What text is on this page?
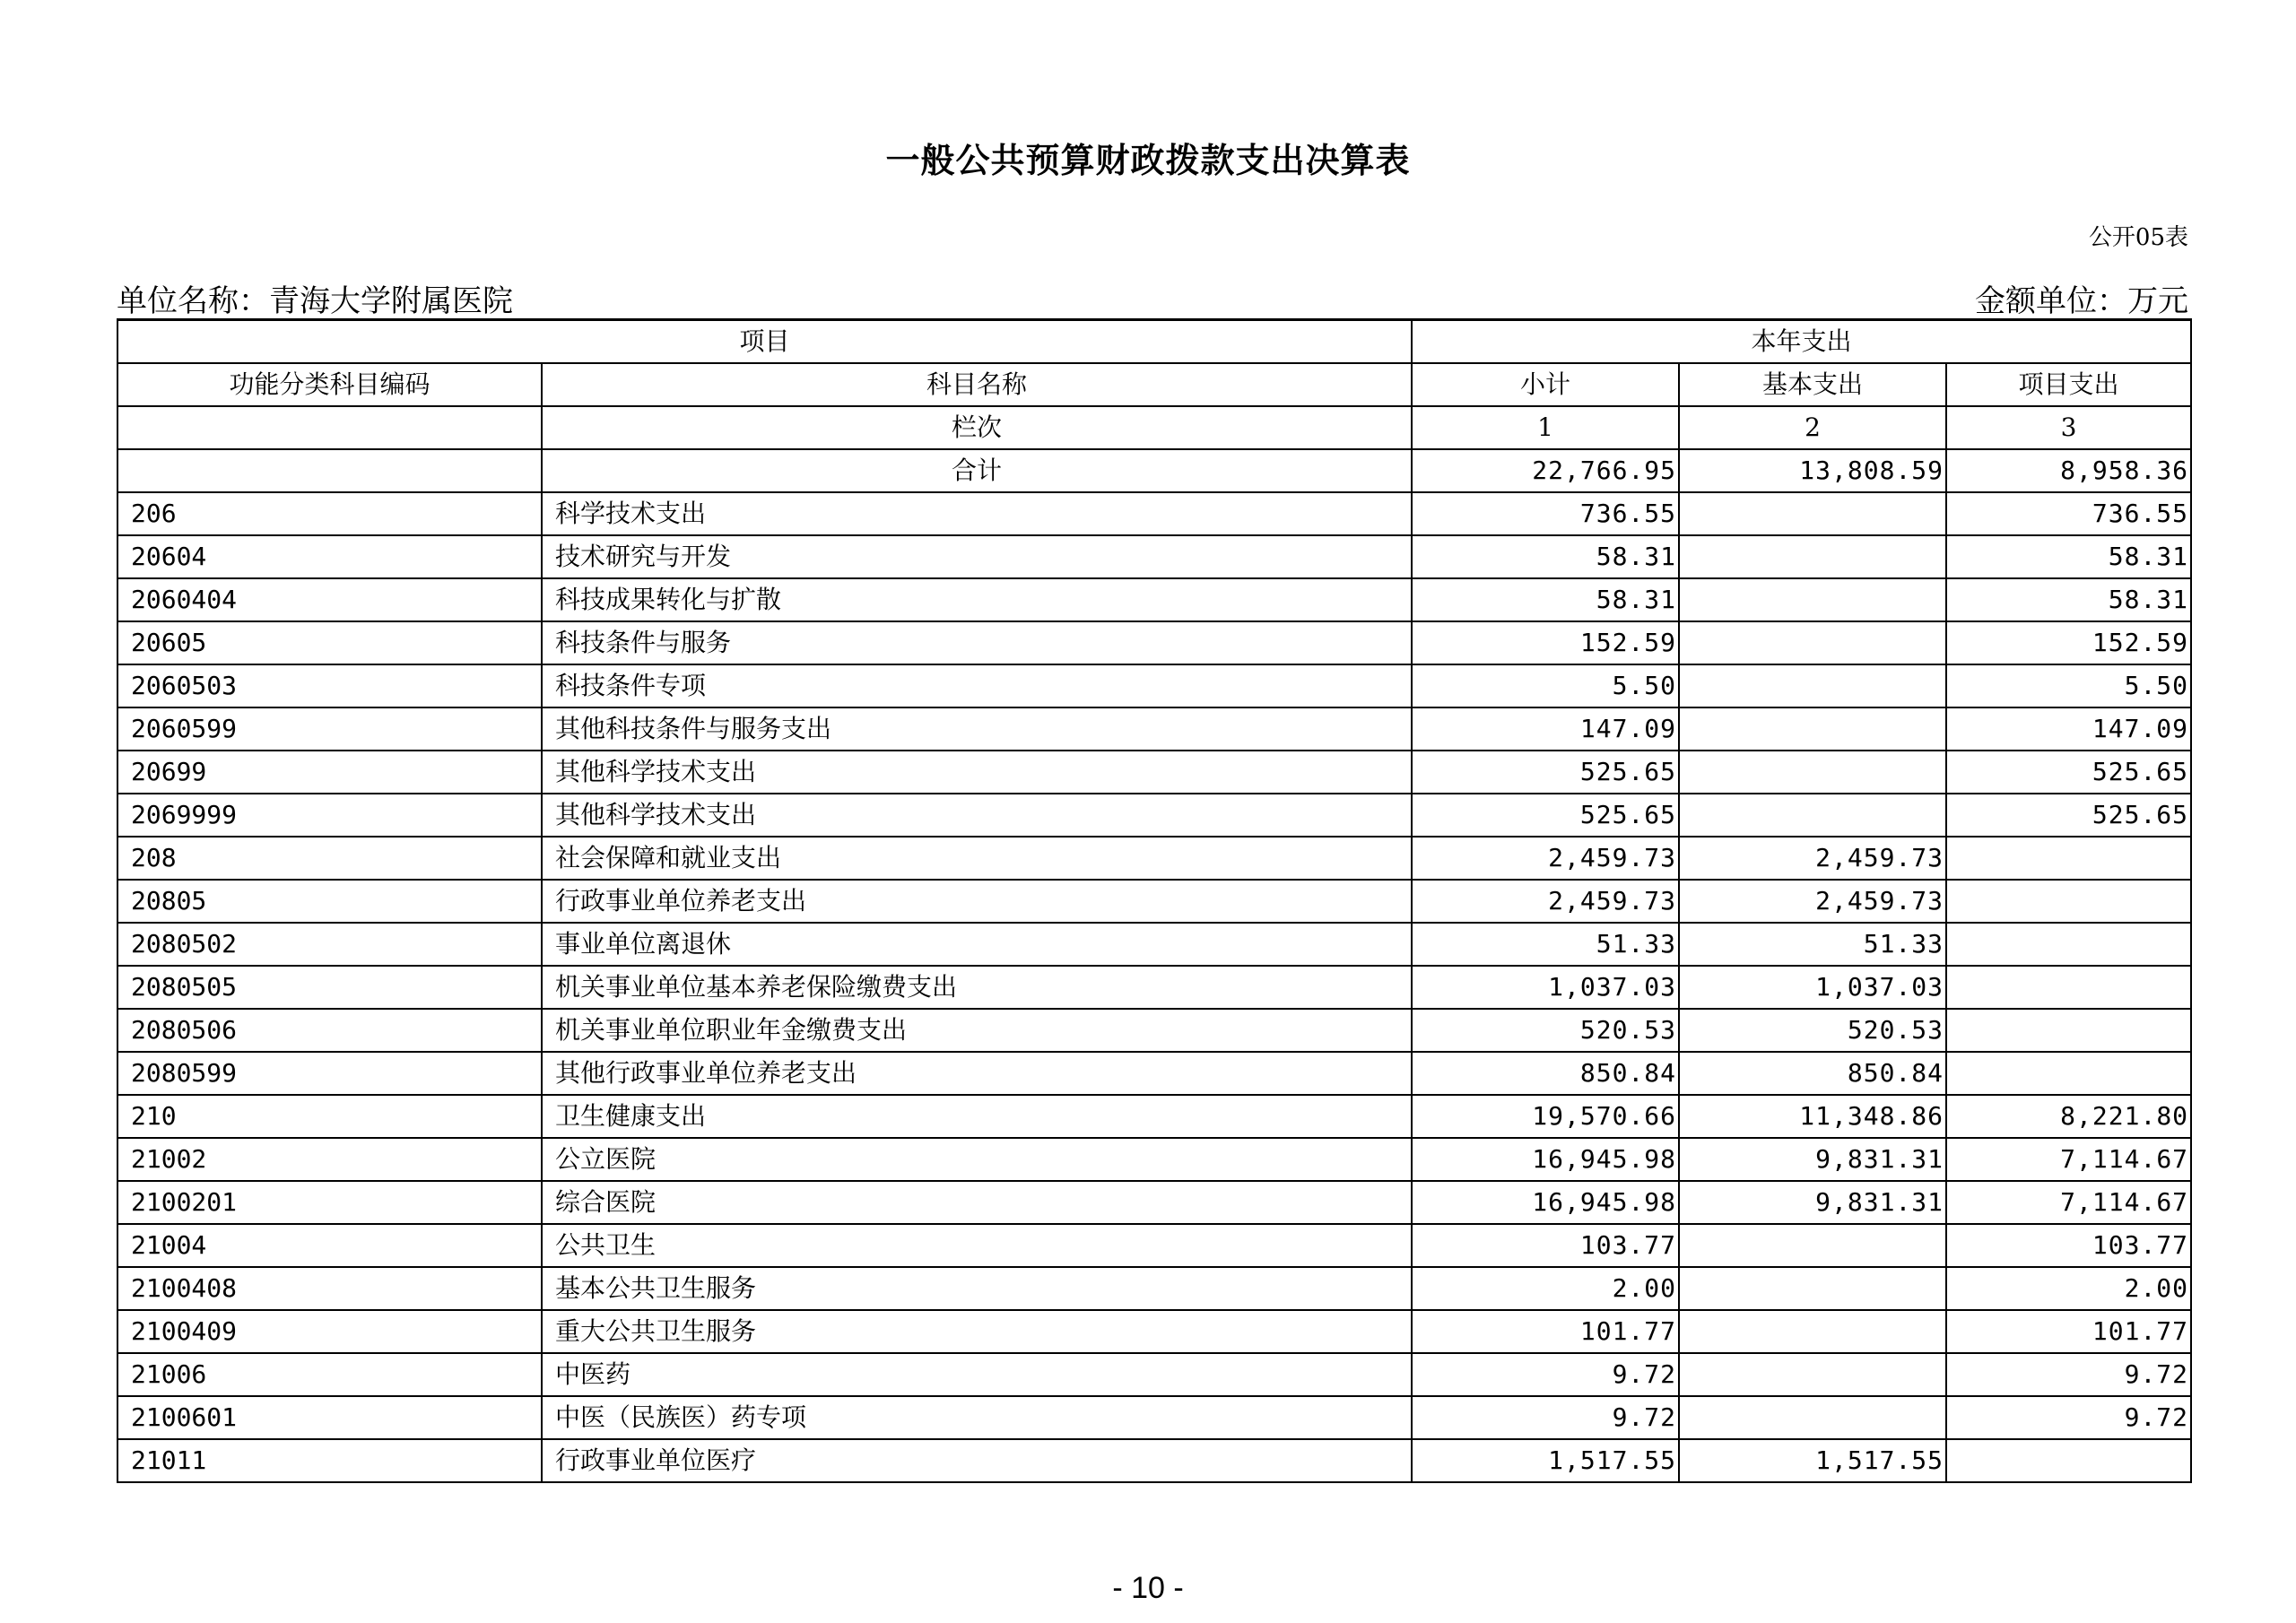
一般公共预算财政拨款支出决算表
公开05表
单位名称：青海大学附属医院	金额单位：万元
项目		本年支出		
功能分类科目编码	科目名称	小计	基本支出	项目支出
	栏次	1	2	3
	合计	22,766.95	13,808.59	8,958.36
206	科学技术支出	736.55		736.55
20604	技术研究与开发	58.31		58.31
2060404	科技成果转化与扩散	58.31		58.31
20605	科技条件与服务	152.59		152.59
2060503	科技条件专项	5.50		5.50
2060599	其他科技条件与服务支出	147.09		147.09
20699	其他科学技术支出	525.65		525.65
2069999	其他科学技术支出	525.65		525.65
208	社会保障和就业支出	2,459.73	2,459.73	
20805	行政事业单位养老支出	2,459.73	2,459.73	
2080502	事业单位离退休	51.33	51.33	
2080505	机关事业单位基本养老保险缴费支出	1,037.03	1,037.03	
2080506	机关事业单位职业年金缴费支出	520.53	520.53	
2080599	其他行政事业单位养老支出	850.84	850.84	
210	卫生健康支出	19,570.66	11,348.86	8,221.80
21002	公立医院	16,945.98	9,831.31	7,114.67
2100201	综合医院	16,945.98	9,831.31	7,114.67
21004	公共卫生	103.77		103.77
2100408	基本公共卫生服务	2.00		2.00
2100409	重大公共卫生服务	101.77		101.77
21006	中医药	9.72		9.72
2100601	中医（民族医）药专项	9.72		9.72
21011	行政事业单位医疗	1,517.55	1,517.55	
- 10 -
